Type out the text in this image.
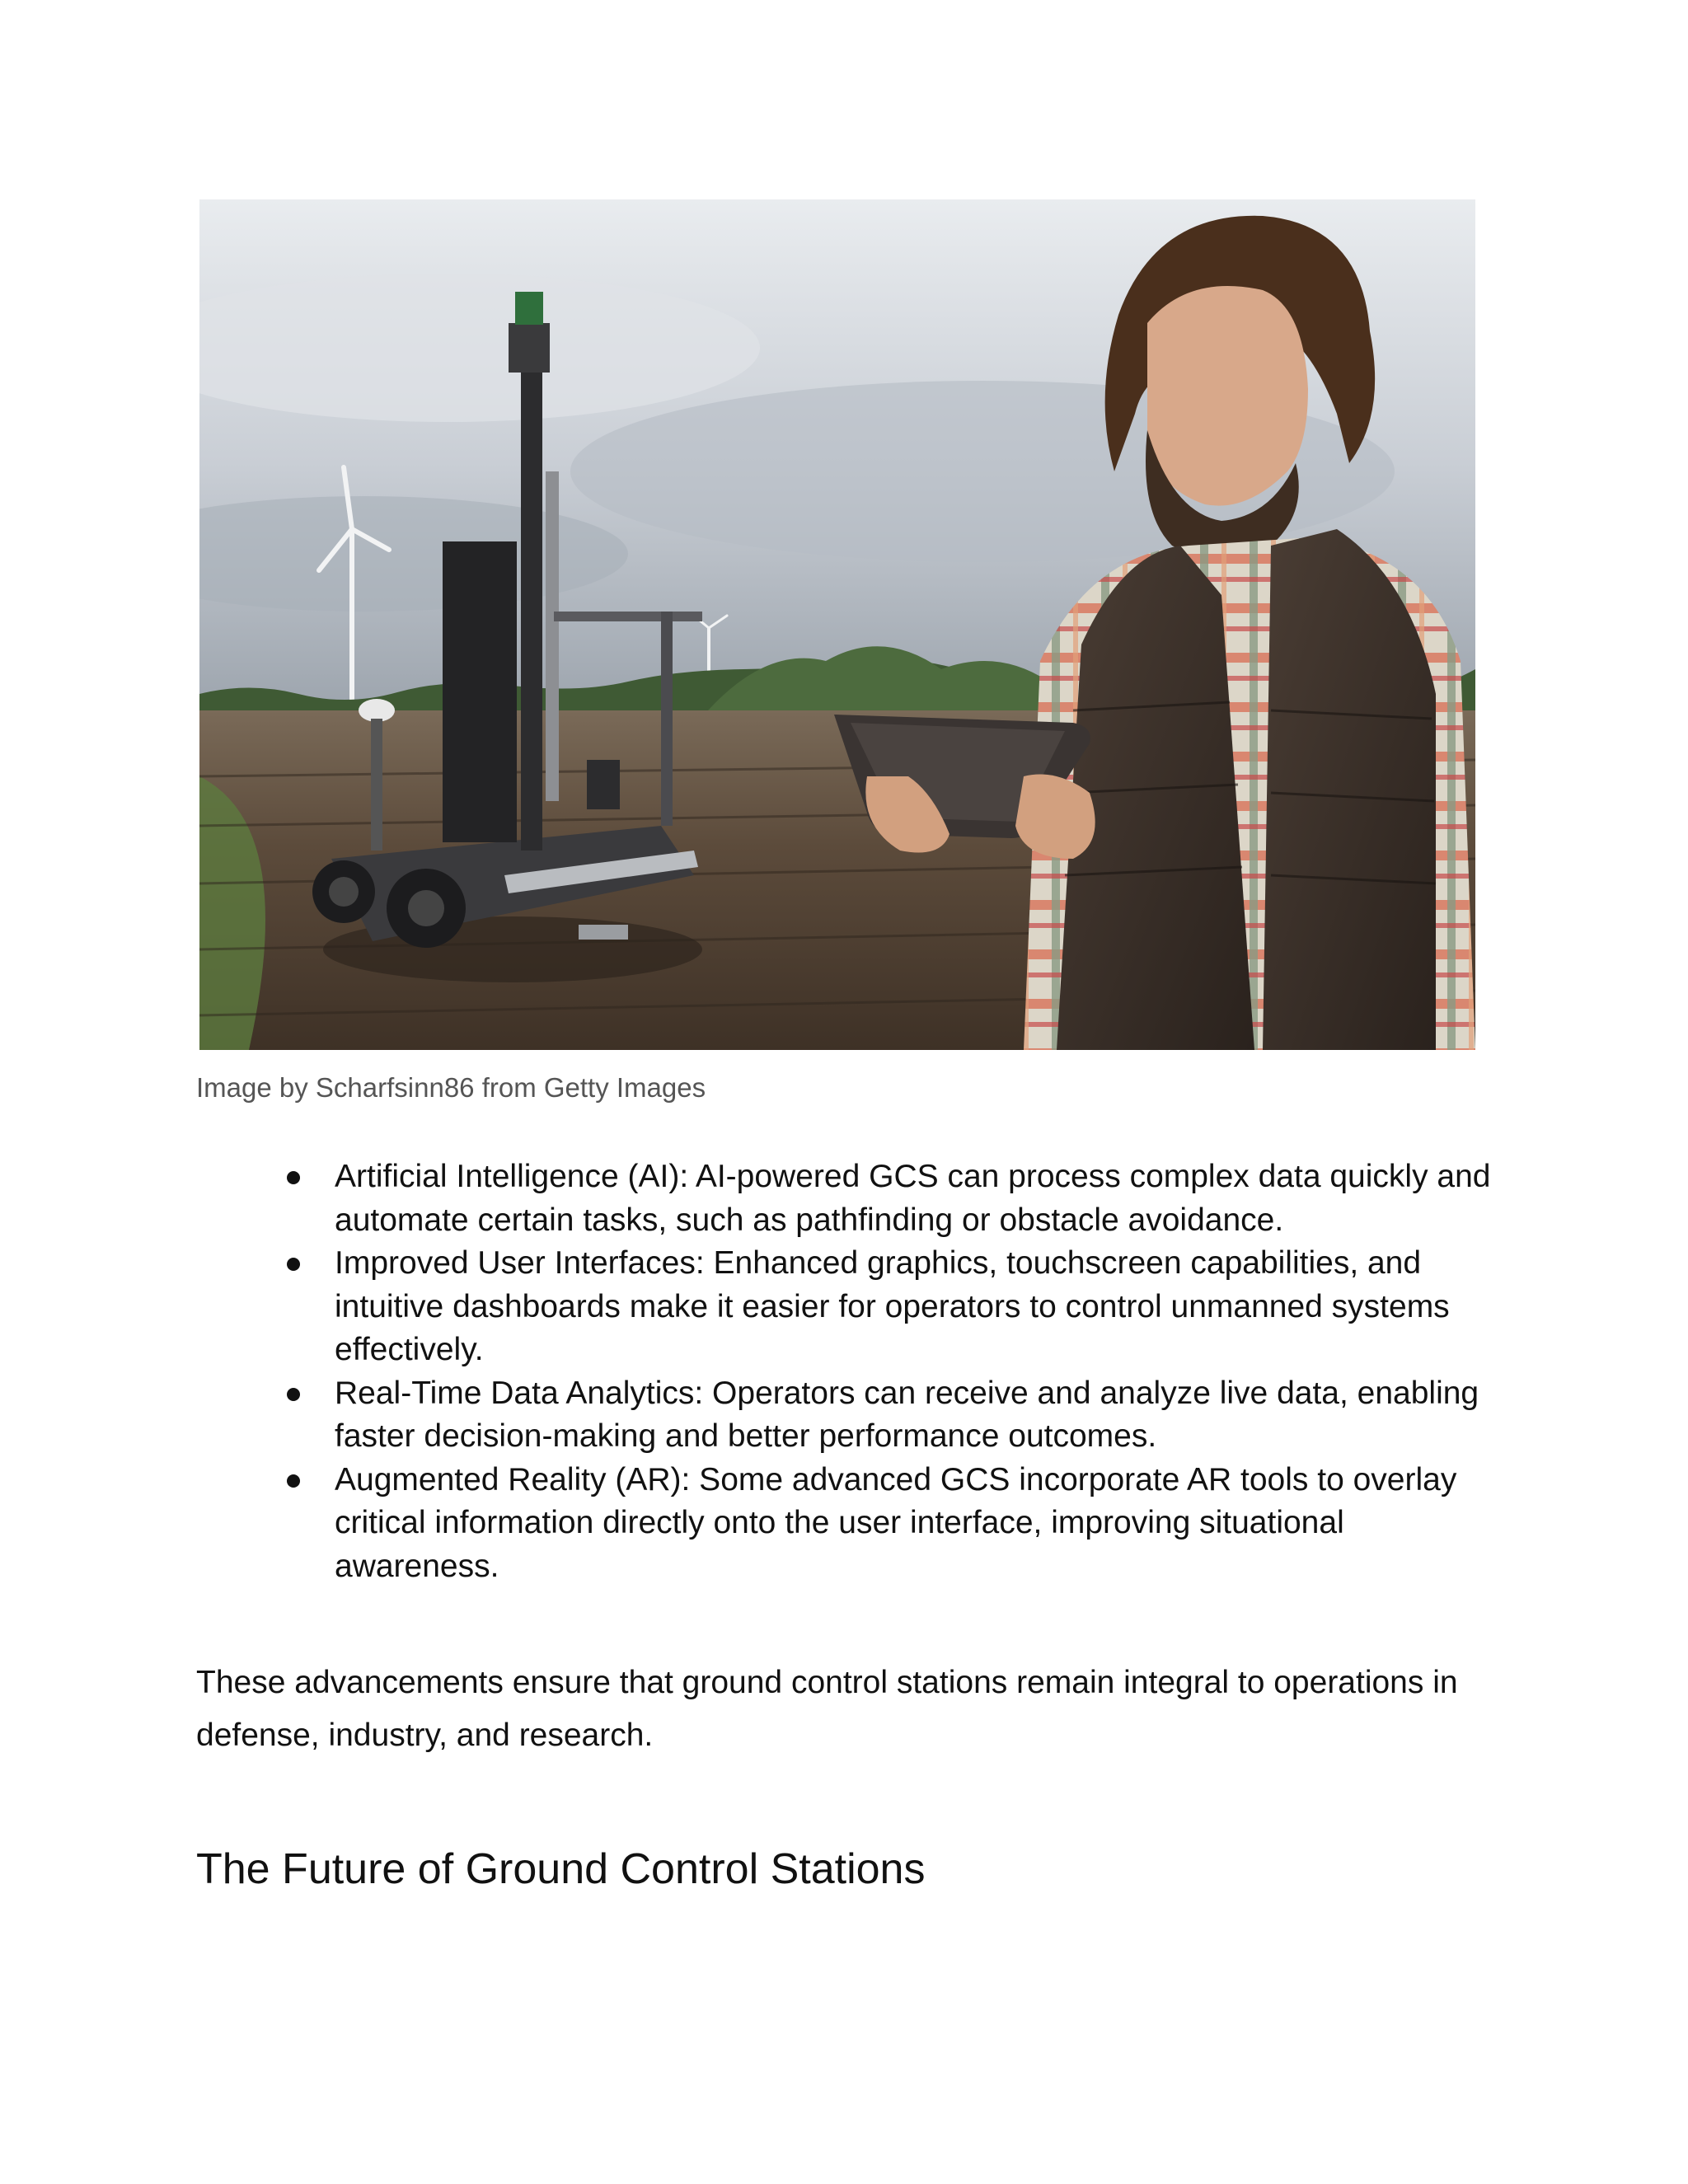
Image by Scharfsinn86 from Getty Images
Artificial Intelligence (AI): AI-powered GCS can process complex data quickly and automate certain tasks, such as pathfinding or obstacle avoidance.
Improved User Interfaces: Enhanced graphics, touchscreen capabilities, and intuitive dashboards make it easier for operators to control unmanned systems effectively.
Real-Time Data Analytics: Operators can receive and analyze live data, enabling faster decision-making and better performance outcomes.
Augmented Reality (AR): Some advanced GCS incorporate AR tools to overlay critical information directly onto the user interface, improving situational awareness.

These advancements ensure that ground control stations remain integral to operations in defense, industry, and research.

The Future of Ground Control Stations
